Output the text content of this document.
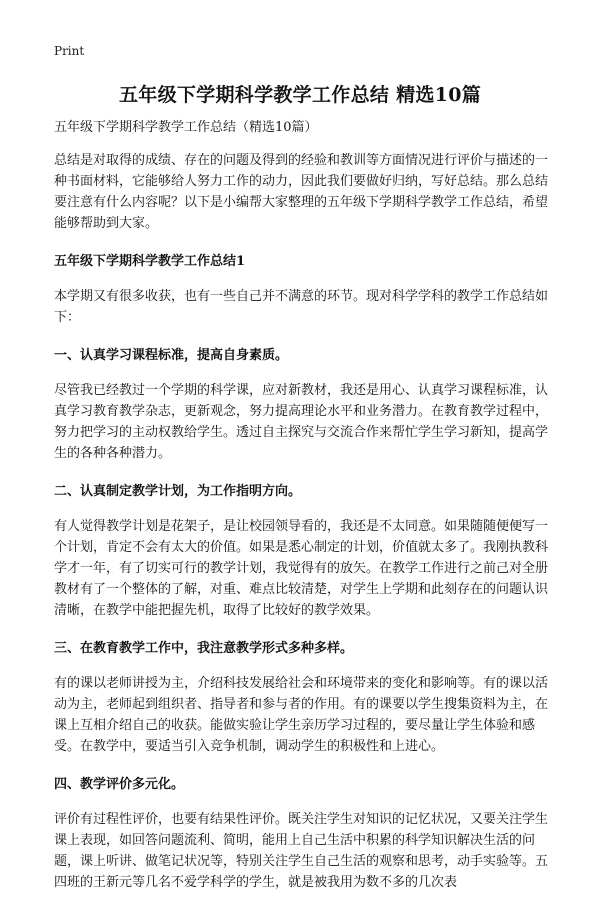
Print
五年级下学期科学教学工作总结 精选10篇

五年级下学期科学教学工作总结（精选10篇）

总结是对取得的成绩、存在的问题及得到的经验和教训等方面情况进行评价与描述的一种书面材料，它能够给人努力工作的动力，因此我们要做好归纳，写好总结。那么总结要注意有什么内容呢？以下是小编帮大家整理的五年级下学期科学教学工作总结，希望能够帮助到大家。

五年级下学期科学教学工作总结1

本学期又有很多收获，也有一些自己并不满意的环节。现对科学学科的教学工作总结如下：

一、认真学习课程标准，提高自身素质。

尽管我已经教过一个学期的科学课，应对新教材，我还是用心、认真学习课程标准，认真学习教育教学杂志，更新观念，努力提高理论水平和业务潜力。在教育教学过程中，努力把学习的主动权教给学生。透过自主探究与交流合作来帮忙学生学习新知，提高学生的各种各种潜力。

二、认真制定教学计划，为工作指明方向。

有人觉得教学计划是花架子，是让校园领导看的，我还是不太同意。如果随随便便写一个计划，肯定不会有太大的价值。如果是悉心制定的计划，价值就太多了。我刚执教科学才一年，有了切实可行的教学计划，我觉得有的放矢。在教学工作进行之前己对全册教材有了一个整体的了解，对重、难点比较清楚，对学生上学期和此刻存在的问题认识清晰，在教学中能把握先机，取得了比较好的教学效果。

三、在教育教学工作中，我注意教学形式多种多样。

有的课以老师讲授为主，介绍科技发展给社会和环境带来的变化和影响等。有的课以活动为主，老师起到组织者、指导者和参与者的作用。有的课要以学生搜集资料为主，在课上互相介绍自己的收获。能做实验让学生亲历学习过程的，要尽量让学生体验和感受。在教学中，要适当引入竞争机制，调动学生的积极性和上进心。

四、教学评价多元化。

评价有过程性评价，也要有结果性评价。既关注学生对知识的记忆状况，又要关注学生课上表现，如回答问题流利、简明，能用上自己生活中积累的科学知识解决生活的问题，课上听讲、做笔记状况等，特别关注学生自己生活的观察和思考，动手实验等。五四班的王新元等几名不爱学科学的学生，就是被我用为数不多的几次表
